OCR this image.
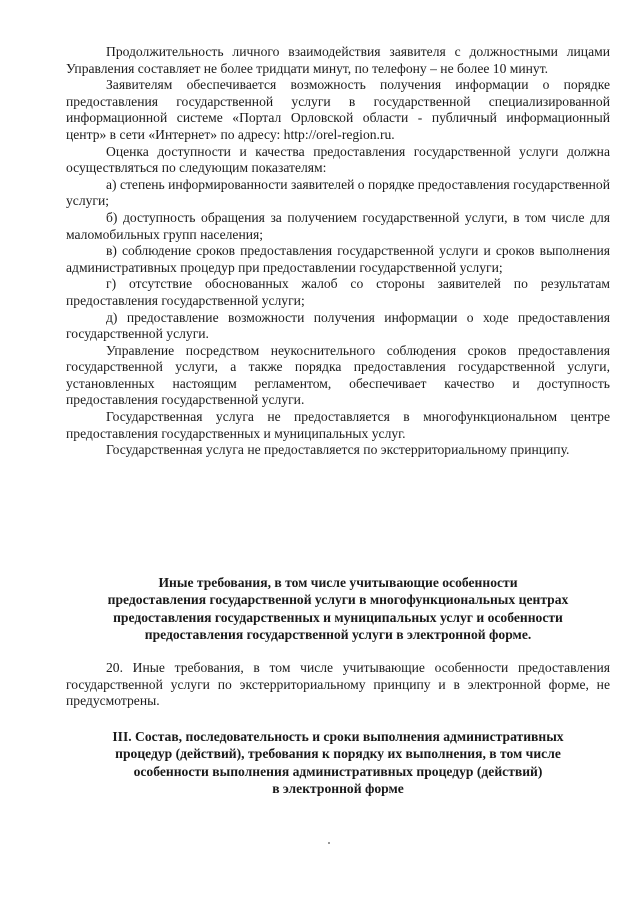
Продолжительность личного взаимодействия заявителя с должностными лицами Управления составляет не более тридцати минут, по телефону – не более 10 минут.

Заявителям обеспечивается возможность получения информации о порядке предоставления государственной услуги в государственной специализированной информационной системе «Портал Орловской области - публичный информационный центр» в сети «Интернет» по адресу: http://orel-region.ru.

Оценка доступности и качества предоставления государственной услуги должна осуществляться по следующим показателям:

а) степень информированности заявителей о порядке предоставления государственной услуги;

б) доступность обращения за получением государственной услуги, в том числе для маломобильных групп населения;

в) соблюдение сроков предоставления государственной услуги и сроков выполнения административных процедур при предоставлении государственной услуги;

г) отсутствие обоснованных жалоб со стороны заявителей по результатам предоставления государственной услуги;

д) предоставление возможности получения информации о ходе предоставления государственной услуги.

Управление посредством неукоснительного соблюдения сроков предоставления государственной услуги, а также порядка предоставления государственной услуги, установленных настоящим регламентом, обеспечивает качество и доступность предоставления государственной услуги.

Государственная услуга не предоставляется в многофункциональном центре предоставления государственных и муниципальных услуг.

Государственная услуга не предоставляется по экстерриториальному принципу.

Иные требования, в том числе учитывающие особенности
предоставления государственной услуги в многофункциональных центрах
предоставления государственных и муниципальных услуг и особенности
предоставления государственной услуги в электронной форме.

20. Иные требования, в том числе учитывающие особенности предоставления государственной услуги по экстерриториальному принципу и в электронной форме, не предусмотрены.

III. Состав, последовательность и сроки выполнения административных
процедур (действий), требования к порядку их выполнения, в том числе
особенности выполнения административных процедур (действий)
в электронной форме
